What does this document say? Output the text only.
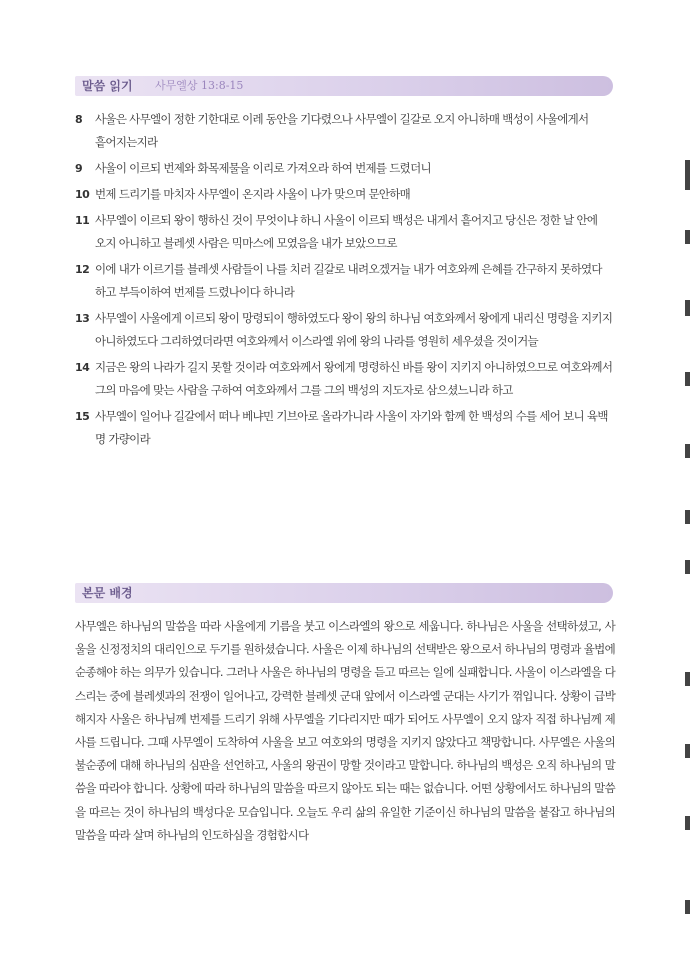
말씀 읽기 사무엘상 13:8-15
8 사울은 사무엘이 정한 기한대로 이레 동안을 기다렸으나 사무엘이 길갈로 오지 아니하매 백성이 사울에게서 흩어지는지라
9 사울이 이르되 번제와 화목제물을 이리로 가져오라 하여 번제를 드렸더니
10 번제 드리기를 마치자 사무엘이 온지라 사울이 나가 맞으며 문안하매
11 사무엘이 이르되 왕이 행하신 것이 무엇이냐 하니 사울이 이르되 백성은 내게서 흩어지고 당신은 정한 날 안에 오지 아니하고 블레셋 사람은 믹마스에 모였음을 내가 보았으므로
12 이에 내가 이르기를 블레셋 사람들이 나를 치러 길갈로 내려오겠거늘 내가 여호와께 은혜를 간구하지 못하였다 하고 부득이하여 번제를 드렸나이다 하니라
13 사무엘이 사울에게 이르되 왕이 망령되이 행하였도다 왕이 왕의 하나님 여호와께서 왕에게 내리신 명령을 지키지 아니하였도다 그리하였더라면 여호와께서 이스라엘 위에 왕의 나라를 영원히 세우셨을 것이거늘
14 지금은 왕의 나라가 길지 못할 것이라 여호와께서 왕에게 명령하신 바를 왕이 지키지 아니하였으므로 여호와께서 그의 마음에 맞는 사람을 구하여 여호와께서 그를 그의 백성의 지도자로 삼으셨느니라 하고
15 사무엘이 일어나 길갈에서 떠나 베냐민 기브아로 올라가니라 사울이 자기와 함께 한 백성의 수를 세어 보니 육백 명 가량이라
본문 배경
사무엘은 하나님의 말씀을 따라 사울에게 기름을 붓고 이스라엘의 왕으로 세웁니다. 하나님은 사울을 선택하셨고, 사울을 신정정치의 대리인으로 두기를 원하셨습니다. 사울은 이제 하나님의 선택받은 왕으로서 하나님의 명령과 율법에 순종해야 하는 의무가 있습니다. 그러나 사울은 하나님의 명령을 듣고 따르는 일에 실패합니다. 사울이 이스라엘을 다스리는 중에 블레셋과의 전쟁이 일어나고, 강력한 블레셋 군대 앞에서 이스라엘 군대는 사기가 꺾입니다. 상황이 급박해지자 사울은 하나님께 번제를 드리기 위해 사무엘을 기다리지만 때가 되어도 사무엘이 오지 않자 직접 하나님께 제사를 드립니다. 그때 사무엘이 도착하여 사울을 보고 여호와의 명령을 지키지 않았다고 책망합니다. 사무엘은 사울의 불순종에 대해 하나님의 심판을 선언하고, 사울의 왕권이 망할 것이라고 말합니다. 하나님의 백성은 오직 하나님의 말씀을 따라야 합니다. 상황에 따라 하나님의 말씀을 따르지 않아도 되는 때는 없습니다. 어떤 상황에서도 하나님의 말씀을 따르는 것이 하나님의 백성다운 모습입니다. 오늘도 우리 삶의 유일한 기준이신 하나님의 말씀을 붙잡고 하나님의 말씀을 따라 살며 하나님의 인도하심을 경험합시다
